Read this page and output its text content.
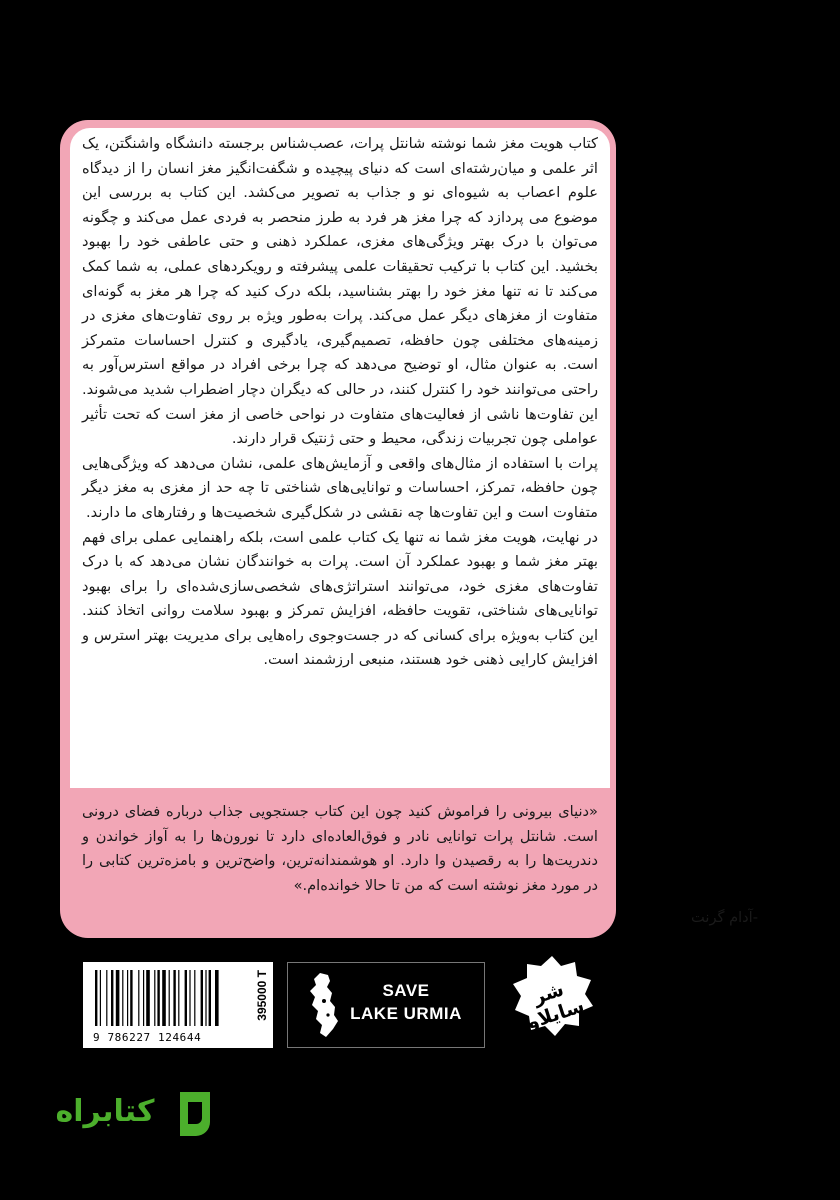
کتاب هویت مغز شما نوشته شانتل پرات، عصب‌شناس برجسته دانشگاه واشنگتن، یک اثر علمی و میان‌رشته‌ای است که دنیای پیچیده و شگفت‌انگیز مغز انسان را از دیدگاه علوم اعصاب به شیوه‌ای نو و جذاب به تصویر می‌کشد. این کتاب به بررسی این موضوع می پردازد که چرا مغز هر فرد به طرز منحصر به فردی عمل می‌کند و چگونه می‌توان با درک بهتر ویژگی‌های مغزی، عملکرد ذهنی و حتی عاطفی خود را بهبود بخشید. این کتاب با ترکیب تحقیقات علمی پیشرفته و رویکردهای عملی، به شما کمک می‌کند تا نه تنها مغز خود را بهتر بشناسید، بلکه درک کنید که چرا هر مغز به گونه‌ای متفاوت از مغزهای دیگر عمل می‌کند. پرات به‌طور ویژه بر روی تفاوت‌های مغزی در زمینه‌های مختلفی چون حافظه، تصمیم‌گیری، یادگیری و کنترل احساسات متمرکز است. به عنوان مثال، او توضیح می‌دهد که چرا برخی افراد در مواقع استرس‌آور به راحتی می‌توانند خود را کنترل کنند، در حالی که دیگران دچار اضطراب شدید می‌شوند. این تفاوت‌ها ناشی از فعالیت‌های متفاوت در نواحی خاصی از مغز است که تحت تأثیر عواملی چون تجربیات زندگی، محیط و حتی ژنتیک قرار دارند.

پرات با استفاده از مثال‌های واقعی و آزمایش‌های علمی، نشان می‌دهد که ویژگی‌هایی چون حافظه، تمرکز، احساسات و توانایی‌های شناختی تا چه حد از مغزی به مغز دیگر متفاوت است و این تفاوت‌ها چه نقشی در شکل‌گیری شخصیت‌ها و رفتارهای ما دارند.

در نهایت، هویت مغز شما نه تنها یک کتاب علمی است، بلکه راهنمایی عملی برای فهم بهتر مغز شما و بهبود عملکرد آن است. پرات به خوانندگان نشان می‌دهد که با درک تفاوت‌های مغزی خود، می‌توانند استراتژی‌های شخصی‌سازی‌شده‌ای را برای بهبود توانایی‌های شناختی، تقویت حافظه، افزایش تمرکز و بهبود سلامت روانی اتخاذ کنند. این کتاب به‌ویژه برای کسانی که در جست‌وجوی راه‌هایی برای مدیریت بهتر استرس و افزایش کارایی ذهنی خود هستند، منبعی ارزشمند است.

«دنیای بیرونی را فراموش کنید چون این کتاب جستجویی جذاب درباره فضای درونی است. شانتل پرات توانایی نادر و فوق‌العاده‌ای دارد تا نورون‌ها را به آواز خواندن و دندریت‌ها را به رقصیدن وا دارد. او هوشمندانه‌ترین، واضح‌ترین و بامزه‌ترین کتابی را در مورد مغز نوشته است که من تا حالا خوانده‌ام.»

-آدام گرنت
9 786227 124644
395000 T	SAVE
LAKE URMIA
شر سایلاو
کتابراه
